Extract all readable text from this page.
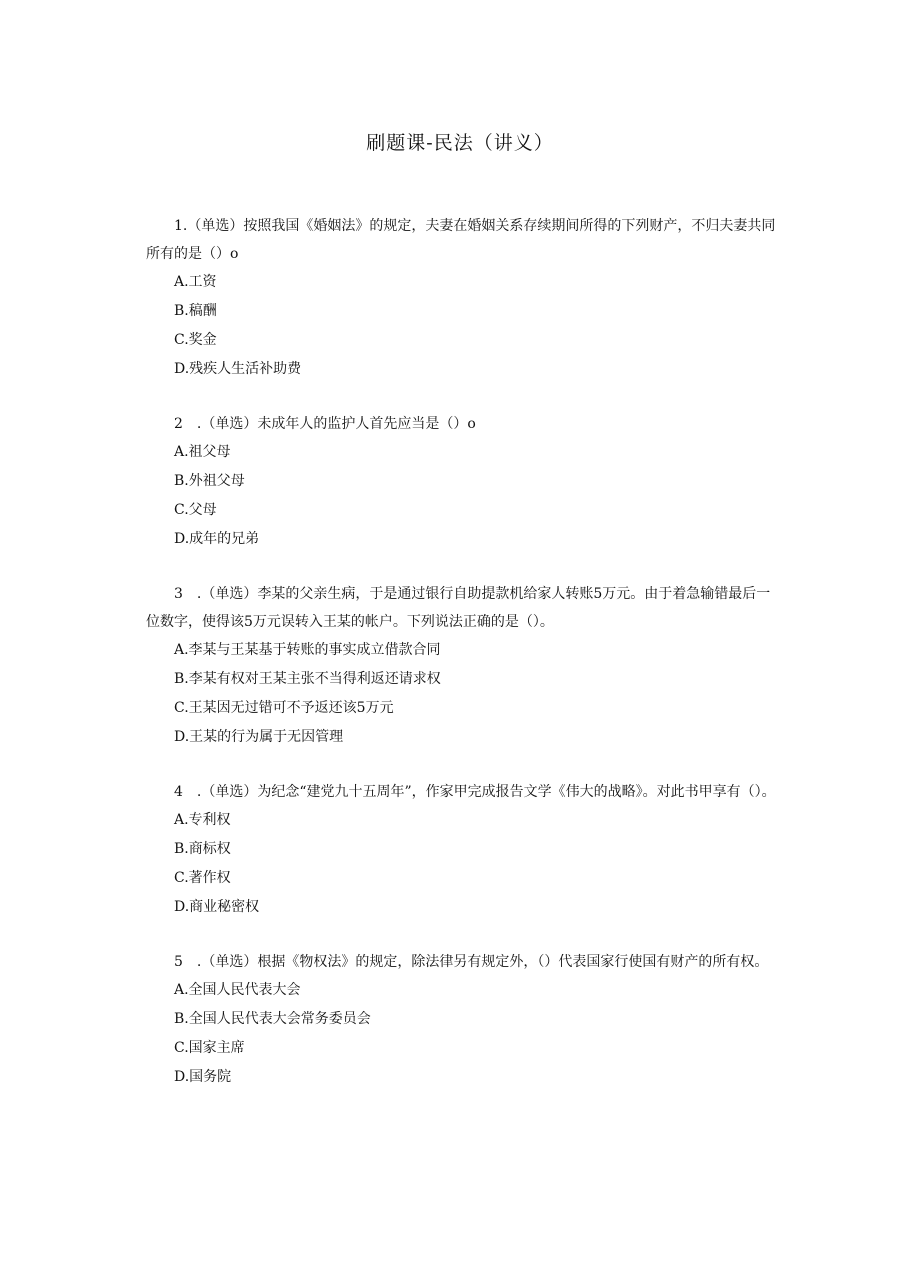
刷题课-民法（讲义）

1.（单选）按照我国《婚姻法》的规定，夫妻在婚姻关系存续期间所得的下列财产，不归夫妻共同所有的是（）o

A.工资

B.稿酬

C.奖金

D.残疾人生活补助费

2　.（单选）未成年人的监护人首先应当是（）o

A.祖父母

B.外祖父母

C.父母

D.成年的兄弟

3　.（单选）李某的父亲生病，于是通过银行自助提款机给家人转账5万元。由于着急输错最后一位数字，使得该5万元误转入王某的帐户。下列说法正确的是（）。

A.李某与王某基于转账的事实成立借款合同

B.李某有权对王某主张不当得利返还请求权

C.王某因无过错可不予返还该5万元

D.王某的行为属于无因管理

4　.（单选）为纪念“建党九十五周年”，作家甲完成报告文学《伟大的战略》。对此书甲享有（）。

A.专利权

B.商标权

C.著作权

D.商业秘密权

5　.（单选）根据《物权法》的规定，除法律另有规定外，（）代表国家行使国有财产的所有权。

A.全国人民代表大会

B.全国人民代表大会常务委员会

C.国家主席

D.国务院
